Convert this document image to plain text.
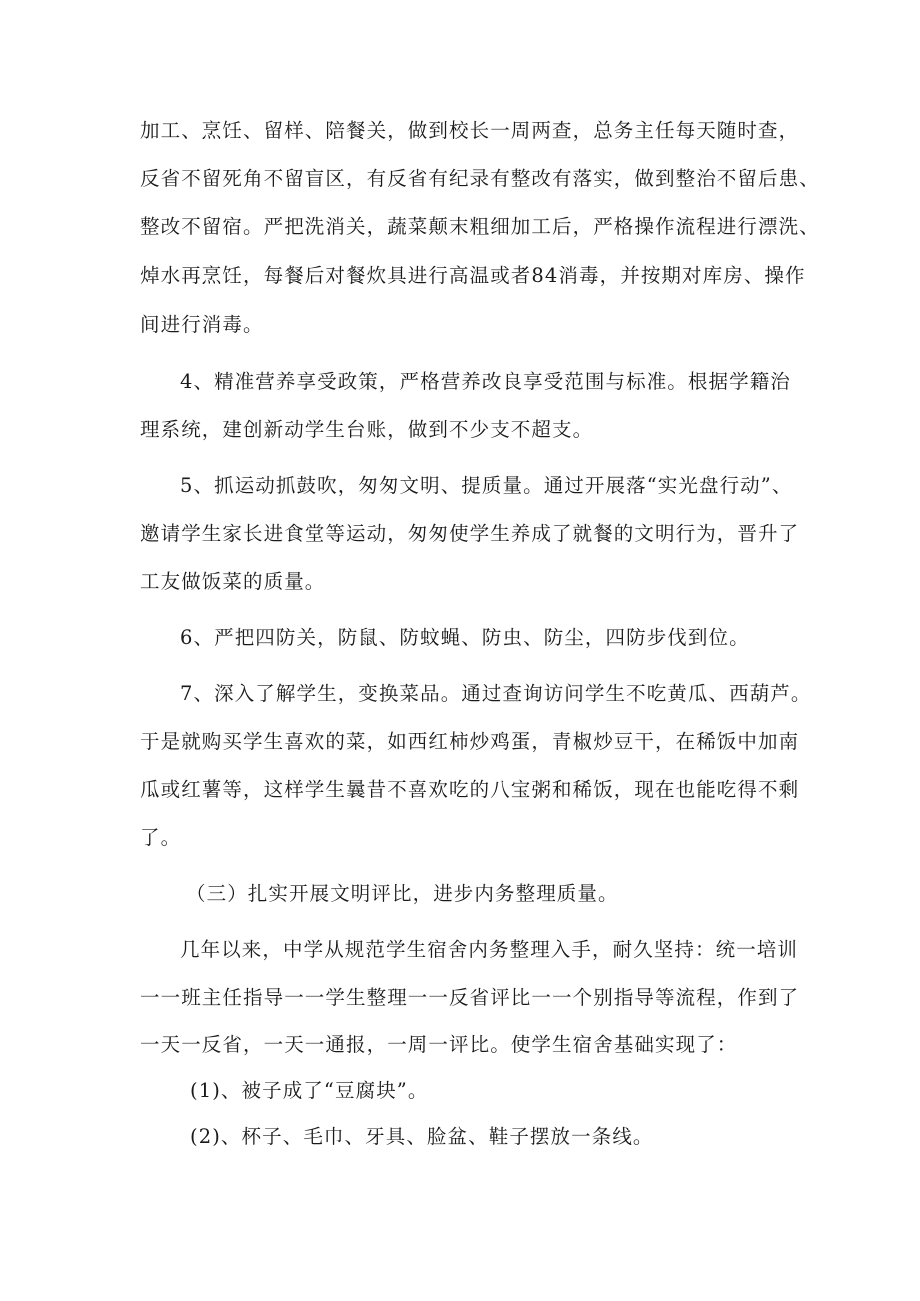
加工、烹饪、留样、陪餐关，做到校长一周两查，总务主任每天随时查，
反省不留死角不留盲区，有反省有纪录有整改有落实，做到整治不留后患、
整改不留宿。严把洗消关，蔬菜颠末粗细加工后，严格操作流程进行漂洗、
焯水再烹饪，每餐后对餐炊具进行高温或者84消毒，并按期对库房、操作
间进行消毒。
4、精准营养享受政策，严格营养改良享受范围与标准。根据学籍治
理系统，建创新动学生台账，做到不少支不超支。
5、抓运动抓鼓吹，匆匆文明、提质量。通过开展落“实光盘行动”、
邀请学生家长进食堂等运动，匆匆使学生养成了就餐的文明行为，晋升了
工友做饭菜的质量。
6、严把四防关，防鼠、防蚊蝇、防虫、防尘，四防步伐到位。
7、深入了解学生，变换菜品。通过查询访问学生不吃黄瓜、西葫芦。
于是就购买学生喜欢的菜，如西红柿炒鸡蛋，青椒炒豆干，在稀饭中加南
瓜或红薯等，这样学生曩昔不喜欢吃的八宝粥和稀饭，现在也能吃得不剩
了。
（三）扎实开展文明评比，进步内务整理质量。
几年以来，中学从规范学生宿舍内务整理入手，耐久坚持：统一培训
一一班主任指导一一学生整理一一反省评比一一个别指导等流程，作到了
一天一反省，一天一通报，一周一评比。使学生宿舍基础实现了：
(1)、被子成了“豆腐块”。
(2)、杯子、毛巾、牙具、脸盆、鞋子摆放一条线。
